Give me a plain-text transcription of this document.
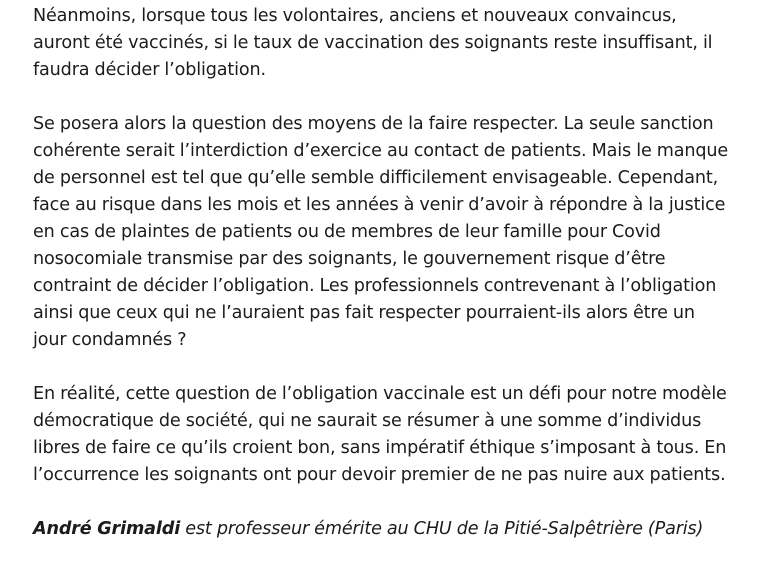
Néanmoins, lorsque tous les volontaires, anciens et nouveaux convaincus, auront été vaccinés, si le taux de vaccination des soignants reste insuffisant, il faudra décider l’obligation.

Se posera alors la question des moyens de la faire respecter. La seule sanction cohérente serait l’interdiction d’exercice au contact de patients. Mais le manque de personnel est tel que qu’elle semble difficilement envisageable. Cependant, face au risque dans les mois et les années à venir d’avoir à répondre à la justice en cas de plaintes de patients ou de membres de leur famille pour Covid nosocomiale transmise par des soignants, le gouvernement risque d’être contraint de décider l’obligation. Les professionnels contrevenant à l’obligation ainsi que ceux qui ne l’auraient pas fait respecter pourraient-ils alors être un jour condamnés ?

En réalité, cette question de l’obligation vaccinale est un défi pour notre modèle démocratique de société, qui ne saurait se résumer à une somme d’individus libres de faire ce qu’ils croient bon, sans impératif éthique s’imposant à tous. En l’occurrence les soignants ont pour devoir premier de ne pas nuire aux patients.

André Grimaldi est professeur émérite au CHU de la Pitié-Salpêtrière (Paris)
